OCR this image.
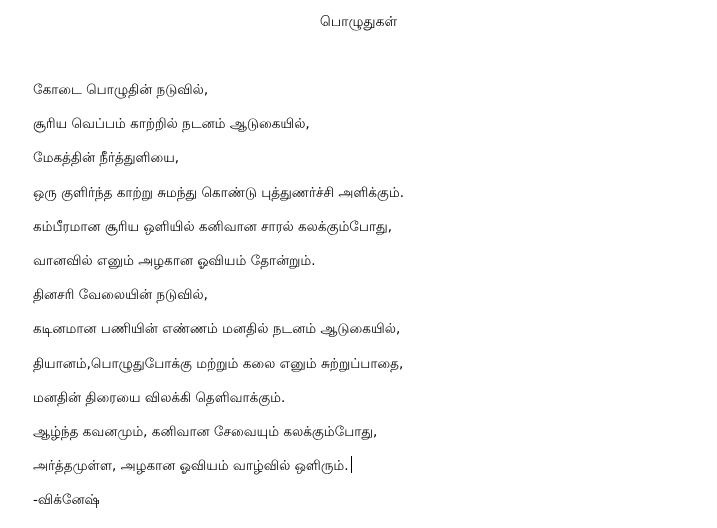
பொழுதுகள்
கோடை பொழுதின் நடுவில்,
சூரிய வெப்பம் காற்றில் நடனம் ஆடுகையில்,
மேகத்தின் நீர்த்துளியை,
ஒரு குளிர்ந்த காற்று சுமந்து கொண்டு புத்துணர்ச்சி அளிக்கும்.
கம்பீரமான சூரிய ஒளியில் கனிவான சாரல் கலக்கும்போது,
வானவில் எனும் அழகான ஓவியம் தோன்றும்.
தினசரி வேலையின் நடுவில்,
கடினமான பணியின் எண்ணம் மனதில் நடனம் ஆடுகையில்,
தியானம்,பொழுதுபோக்கு மற்றும் கலை எனும் சுற்றுப்பாதை,
மனதின் திரையை விலக்கி தெளிவாக்கும்.
ஆழ்ந்த கவனமும், கனிவான சேவையும் கலக்கும்போது,
அர்த்தமுள்ள, அழகான ஓவியம் வாழ்வில் ஒளிரும்.
-விக்னேஷ்
